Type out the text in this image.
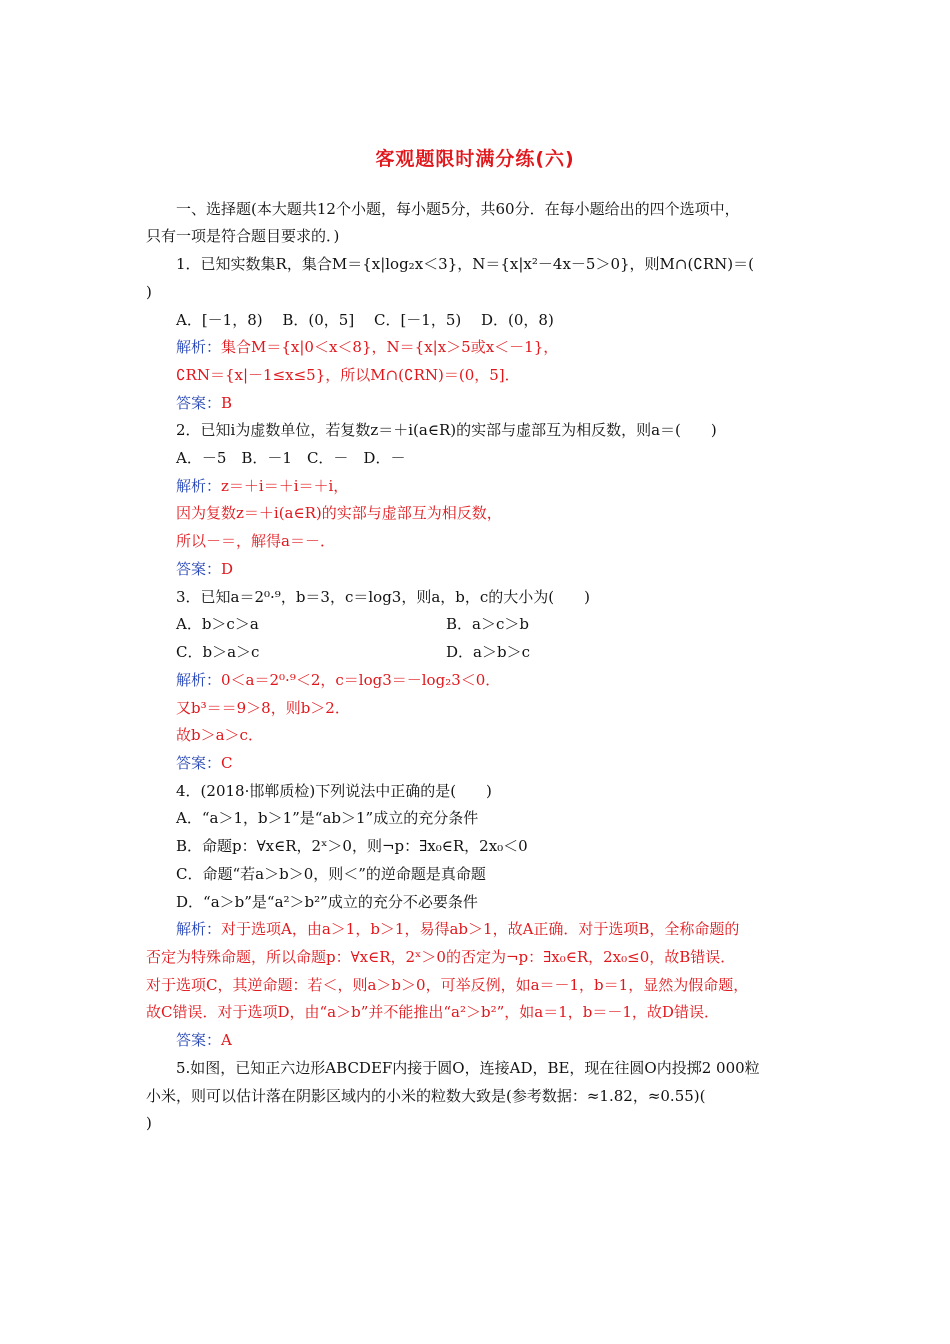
客观题限时满分练(六)
一、选择题(本大题共12个小题，每小题5分，共60分．在每小题给出的四个选项中，
只有一项是符合题目要求的．)
1．已知实数集R，集合M＝{x|log₂x＜3}，N＝{x|x²－4x－5＞0}，则M∩(∁RN)＝(
)
A．[－1，8)　 B．(0，5]　 C．[－1，5)　 D．(0，8)
解析：集合M＝{x|0＜x＜8}，N＝{x|x＞5或x＜－1}，
∁RN＝{x|－1≤x≤5}，所以M∩(∁RN)＝(0，5]．
答案：B
2．已知i为虚数单位，若复数z＝＋i(a∈R)的实部与虚部互为相反数，则a＝(　　)
A．－5　B．－1　C．－　D．－
解析：z＝＋i＝＋i＝＋i，
因为复数z＝＋i(a∈R)的实部与虚部互为相反数，
所以－＝，解得a＝－．
答案：D
3．已知a＝2⁰·⁹，b＝3，c＝log3，则a，b，c的大小为(　　)
A．b＞c＞a	B．a＞c＞b
C．b＞a＞c	D．a＞b＞c
解析：0＜a＝2⁰·⁹＜2，c＝log3＝－log₂3＜0．
又b³＝＝9＞8，则b＞2．
故b＞a＞c．
答案：C
4．(2018·邯郸质检)下列说法中正确的是(　　)
A．“a＞1，b＞1”是“ab＞1”成立的充分条件
B．命题p：∀x∈R，2ˣ＞0，则¬p：∃x₀∈R，2x₀＜0
C．命题“若a＞b＞0，则＜”的逆命题是真命题
D．“a＞b”是“a²＞b²”成立的充分不必要条件
解析：对于选项A，由a＞1，b＞1，易得ab＞1，故A正确．对于选项B，全称命题的
否定为特殊命题，所以命题p：∀x∈R，2ˣ＞0的否定为¬p：∃x₀∈R，2x₀≤0，故B错误．
对于选项C，其逆命题：若＜，则a＞b＞0，可举反例，如a＝－1，b＝1，显然为假命题，
故C错误．对于选项D，由“a＞b”并不能推出“a²＞b²”，如a＝1，b＝－1，故D错误．
答案：A
5.如图，已知正六边形ABCDEF内接于圆O，连接AD，BE，现在往圆O内投掷2 000粒
小米，则可以估计落在阴影区域内的小米的粒数大致是(参考数据：≈1.82，≈0.55)(
)
